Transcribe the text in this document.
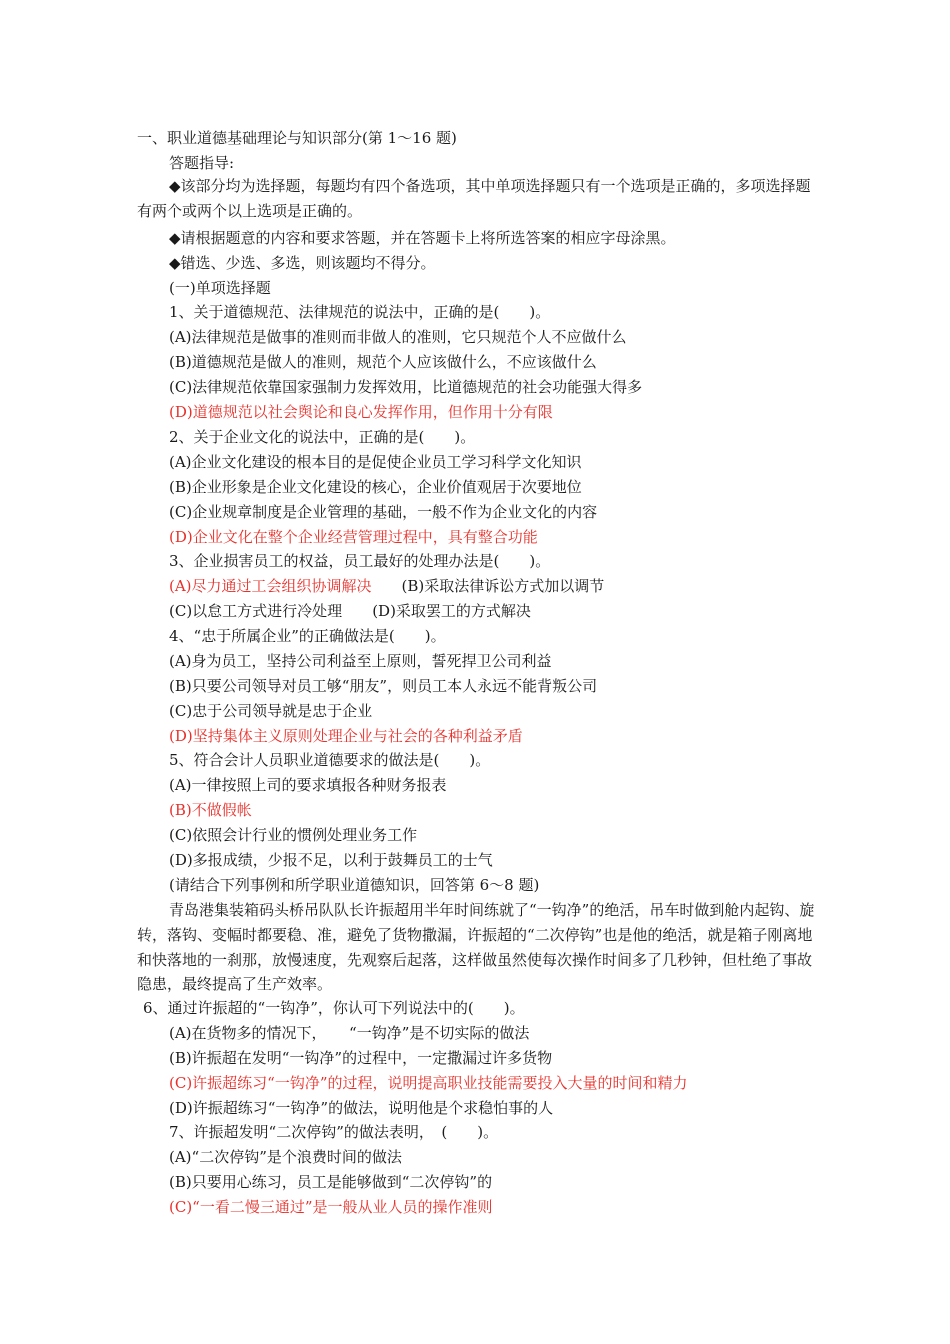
一、职业道德基础理论与知识部分(第 1～16 题)
答题指导:
◆该部分均为选择题，每题均有四个备选项，其中单项选择题只有一个选项是正确的，多项选择题有两个或两个以上选项是正确的。
◆请根据题意的内容和要求答题，并在答题卡上将所选答案的相应字母涂黑。
◆错选、少选、多选，则该题均不得分。
(一)单项选择题
1、关于道德规范、法律规范的说法中，正确的是(　　)。
(A)法律规范是做事的准则而非做人的准则，它只规范个人不应做什么
(B)道德规范是做人的准则，规范个人应该做什么，不应该做什么
(C)法律规范依靠国家强制力发挥效用，比道德规范的社会功能强大得多
(D)道德规范以社会舆论和良心发挥作用，但作用十分有限
2、关于企业文化的说法中，正确的是(　　)。
(A)企业文化建设的根本目的是促使企业员工学习科学文化知识
(B)企业形象是企业文化建设的核心，企业价值观居于次要地位
(C)企业规章制度是企业管理的基础，一般不作为企业文化的内容
(D)企业文化在整个企业经营管理过程中，具有整合功能
3、企业损害员工的权益，员工最好的处理办法是(　　)。
(A)尽力通过工会组织协调解决 (B)采取法律诉讼方式加以调节
(C)以怠工方式进行冷处理 (D)采取罢工的方式解决
4、“忠于所属企业”的正确做法是(　　)。
(A)身为员工，坚持公司利益至上原则，誓死捍卫公司利益
(B)只要公司领导对员工够“朋友”，则员工本人永远不能背叛公司
(C)忠于公司领导就是忠于企业
(D)坚持集体主义原则处理企业与社会的各种利益矛盾
5、符合会计人员职业道德要求的做法是(　　)。
(A)一律按照上司的要求填报各种财务报表
(B)不做假帐
(C)依照会计行业的惯例处理业务工作
(D)多报成绩，少报不足，以利于鼓舞员工的士气
(请结合下列事例和所学职业道德知识，回答第 6～8 题)
青岛港集装箱码头桥吊队队长许振超用半年时间练就了“一钩净”的绝活，吊车时做到舱内起钩、旋转，落钩、变幅时都要稳、准，避免了货物撒漏，许振超的“二次停钩”也是他的绝活，就是箱子刚离地和快落地的一刹那，放慢速度，先观察后起落，这样做虽然使每次操作时间多了几秒钟，但杜绝了事故隐患，最终提高了生产效率。
6、通过许振超的“一钩净”，你认可下列说法中的(　　)。
(A)在货物多的情况下，　　“一钩净”是不切实际的做法
(B)许振超在发明“一钩净”的过程中，一定撒漏过许多货物
(C)许振超练习“一钩净”的过程，说明提高职业技能需要投入大量的时间和精力
(D)许振超练习“一钩净”的做法，说明他是个求稳怕事的人
7、许振超发明“二次停钩”的做法表明，　(　　)。
(A)“二次停钩”是个浪费时间的做法
(B)只要用心练习，员工是能够做到“二次停钩”的
(C)“一看二慢三通过”是一般从业人员的操作准则
